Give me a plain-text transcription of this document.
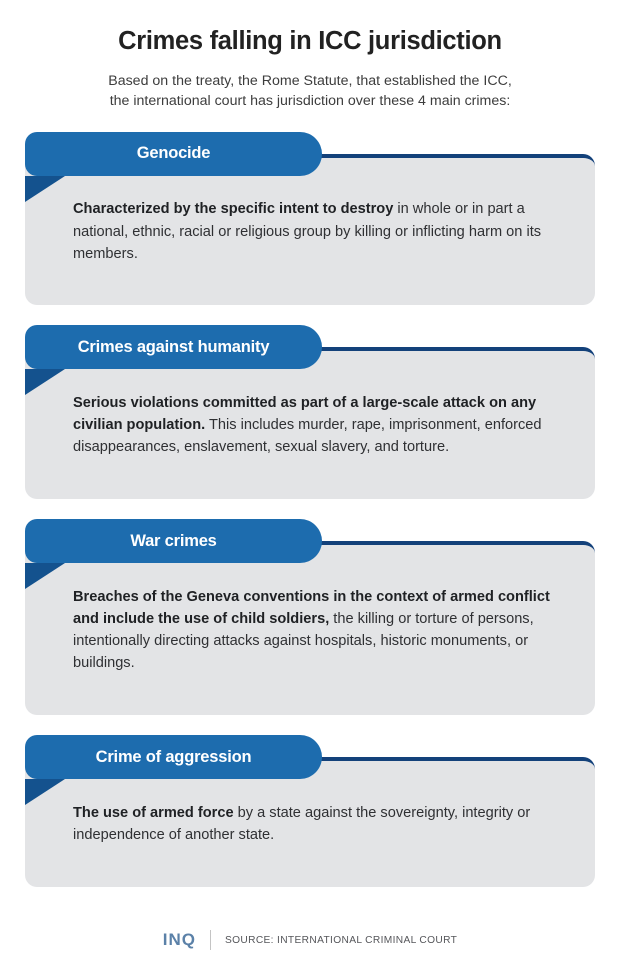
Crimes falling in ICC jurisdiction
Based on the treaty, the Rome Statute, that established the ICC,
the international court has jurisdiction over these 4 main crimes:
Genocide

Characterized by the specific intent to destroy in whole or in part a national, ethnic, racial or religious group by killing or inflicting harm on its members.

Crimes against humanity

Serious violations committed as part of a large-scale attack on any civilian population. This includes murder, rape, imprisonment, enforced disappearances, enslavement, sexual slavery, and torture.

War crimes

Breaches of the Geneva conventions in the context of armed conflict and include the use of child soldiers, the killing or torture of persons, intentionally directing attacks against hospitals, historic monuments, or buildings.

Crime of aggression

The use of armed force by a state against the sovereignty, integrity or independence of another state.

INQ	SOURCE: INTERNATIONAL CRIMINAL COURT
